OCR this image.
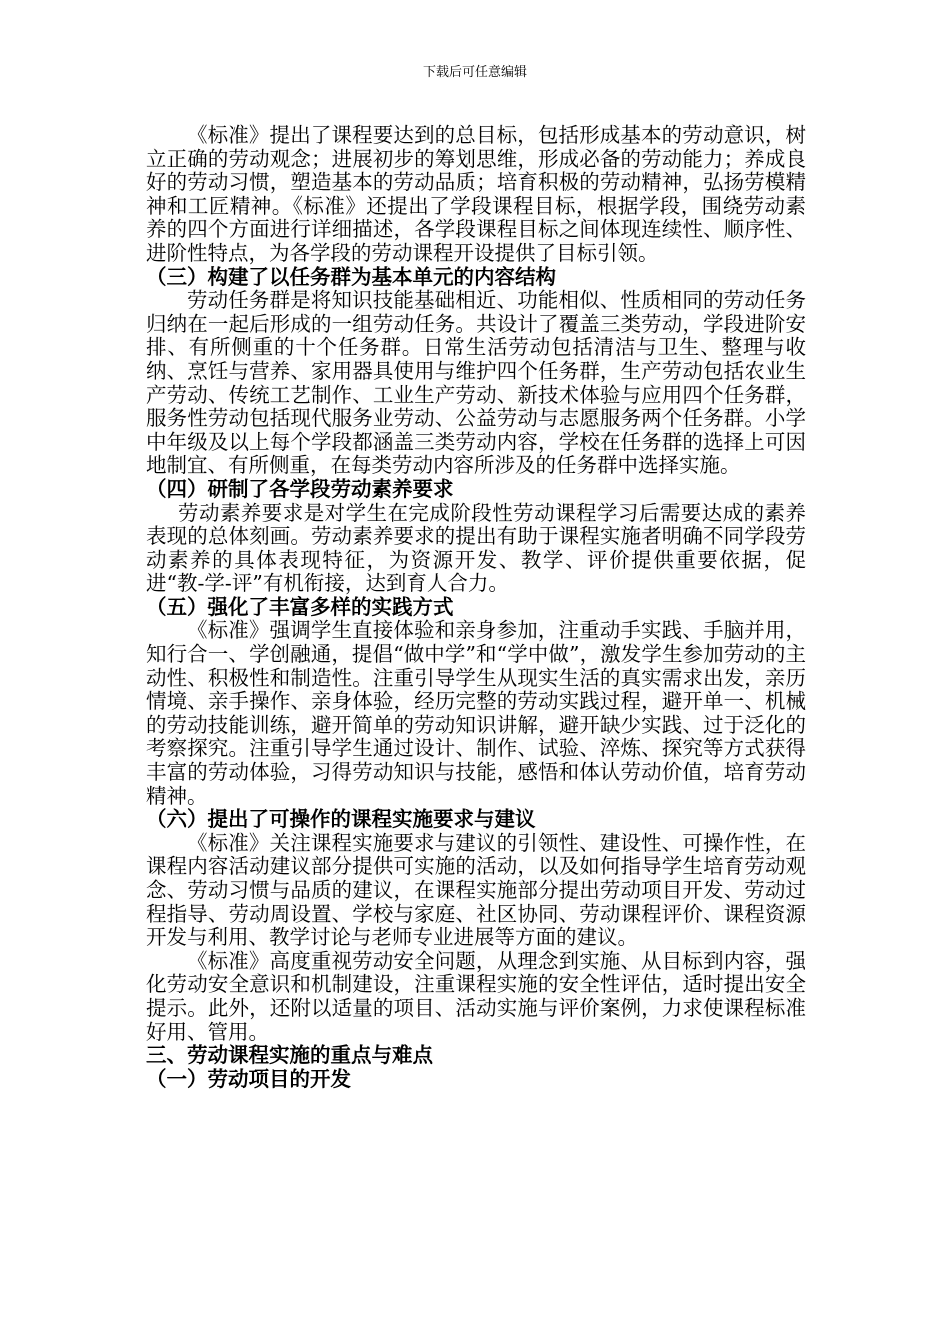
下载后可任意编辑

《标准》提出了课程要达到的总目标，包括形成基本的劳动意识，树立正确的劳动观念；进展初步的筹划思维，形成必备的劳动能力；养成良好的劳动习惯，塑造基本的劳动品质；培育积极的劳动精神，弘扬劳模精神和工匠精神。《标准》还提出了学段课程目标，根据学段，围绕劳动素养的四个方面进行详细描述，各学段课程目标之间体现连续性、顺序性、进阶性特点，为各学段的劳动课程开设提供了目标引领。

（三）构建了以任务群为基本单元的内容结构

劳动任务群是将知识技能基础相近、功能相似、性质相同的劳动任务归纳在一起后形成的一组劳动任务。共设计了覆盖三类劳动，学段进阶安排、有所侧重的十个任务群。日常生活劳动包括清洁与卫生、整理与收纳、烹饪与营养、家用器具使用与维护四个任务群，生产劳动包括农业生产劳动、传统工艺制作、工业生产劳动、新技术体验与应用四个任务群，服务性劳动包括现代服务业劳动、公益劳动与志愿服务两个任务群。小学中年级及以上每个学段都涵盖三类劳动内容，学校在任务群的选择上可因地制宜、有所侧重，在每类劳动内容所涉及的任务群中选择实施。

（四）研制了各学段劳动素养要求

劳动素养要求是对学生在完成阶段性劳动课程学习后需要达成的素养表现的总体刻画。劳动素养要求的提出有助于课程实施者明确不同学段劳动素养的具体表现特征，为资源开发、教学、评价提供重要依据，促进“教-学-评”有机衔接，达到育人合力。

（五）强化了丰富多样的实践方式

《标准》强调学生直接体验和亲身参加，注重动手实践、手脑并用，知行合一、学创融通，提倡“做中学”和“学中做”，激发学生参加劳动的主动性、积极性和制造性。注重引导学生从现实生活的真实需求出发，亲历情境、亲手操作、亲身体验，经历完整的劳动实践过程，避开单一、机械的劳动技能训练，避开简单的劳动知识讲解，避开缺少实践、过于泛化的考察探究。注重引导学生通过设计、制作、试验、淬炼、探究等方式获得丰富的劳动体验，习得劳动知识与技能，感悟和体认劳动价值，培育劳动精神。

（六）提出了可操作的课程实施要求与建议

《标准》关注课程实施要求与建议的引领性、建设性、可操作性，在课程内容活动建议部分提供可实施的活动，以及如何指导学生培育劳动观念、劳动习惯与品质的建议，在课程实施部分提出劳动项目开发、劳动过程指导、劳动周设置、学校与家庭、社区协同、劳动课程评价、课程资源开发与利用、教学讨论与老师专业进展等方面的建议。

《标准》高度重视劳动安全问题，从理念到实施、从目标到内容，强化劳动安全意识和机制建设，注重课程实施的安全性评估，适时提出安全提示。此外，还附以适量的项目、活动实施与评价案例，力求使课程标准好用、管用。

三、劳动课程实施的重点与难点
（一）劳动项目的开发
